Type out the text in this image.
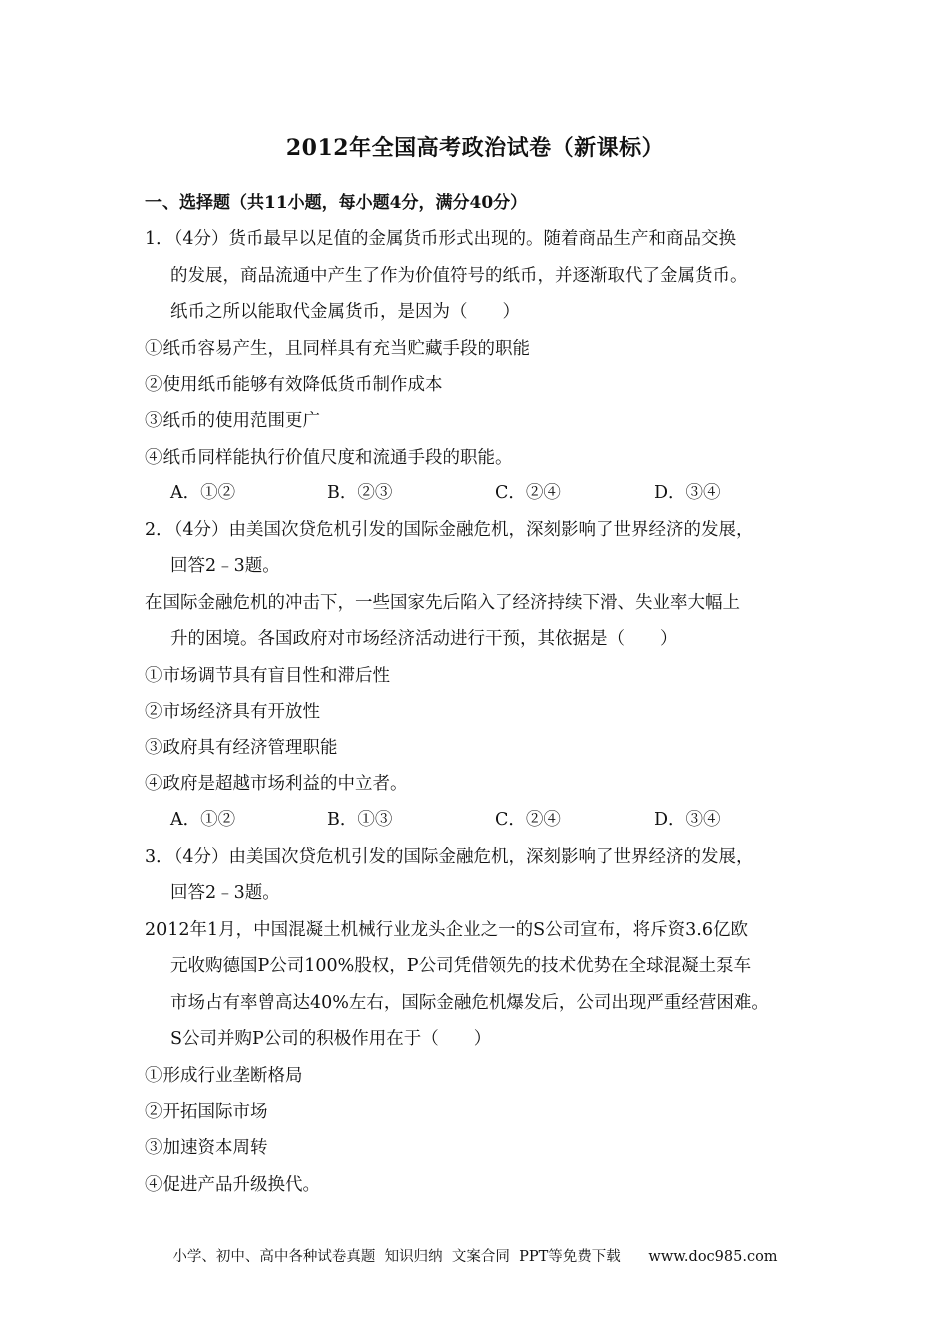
2012年全国高考政治试卷（新课标）
一、选择题（共11小题，每小题4分，满分40分）
1．（4分）货币最早以足值的金属货币形式出现的。随着商品生产和商品交换
的发展，商品流通中产生了作为价值符号的纸币，并逐渐取代了金属货币。
纸币之所以能取代金属货币，是因为（　　）
①纸币容易产生，且同样具有充当贮藏手段的职能
②使用纸币能够有效降低货币制作成本
③纸币的使用范围更广
④纸币同样能执行价值尺度和流通手段的职能。
A．①②	B．②③	C．②④	D．③④
2．（4分）由美国次贷危机引发的国际金融危机，深刻影响了世界经济的发展，
回答2﹣3题。
在国际金融危机的冲击下，一些国家先后陷入了经济持续下滑、失业率大幅上
升的困境。各国政府对市场经济活动进行干预，其依据是（　　）
①市场调节具有盲目性和滞后性
②市场经济具有开放性
③政府具有经济管理职能
④政府是超越市场利益的中立者。
A．①②	B．①③	C．②④	D．③④
3．（4分）由美国次贷危机引发的国际金融危机，深刻影响了世界经济的发展，
回答2﹣3题。
2012年1月，中国混凝土机械行业龙头企业之一的S公司宣布，将斥资3.6亿欧
元收购德国P公司100%股权，P公司凭借领先的技术优势在全球混凝土泵车
市场占有率曾高达40%左右，国际金融危机爆发后，公司出现严重经营困难。
S公司并购P公司的积极作用在于（　　）
①形成行业垄断格局
②开拓国际市场
③加速资本周转
④促进产品升级换代。
小学、初中、高中各种试卷真题  知识归纳  文案合同  PPT等免费下载      www.doc985.com
